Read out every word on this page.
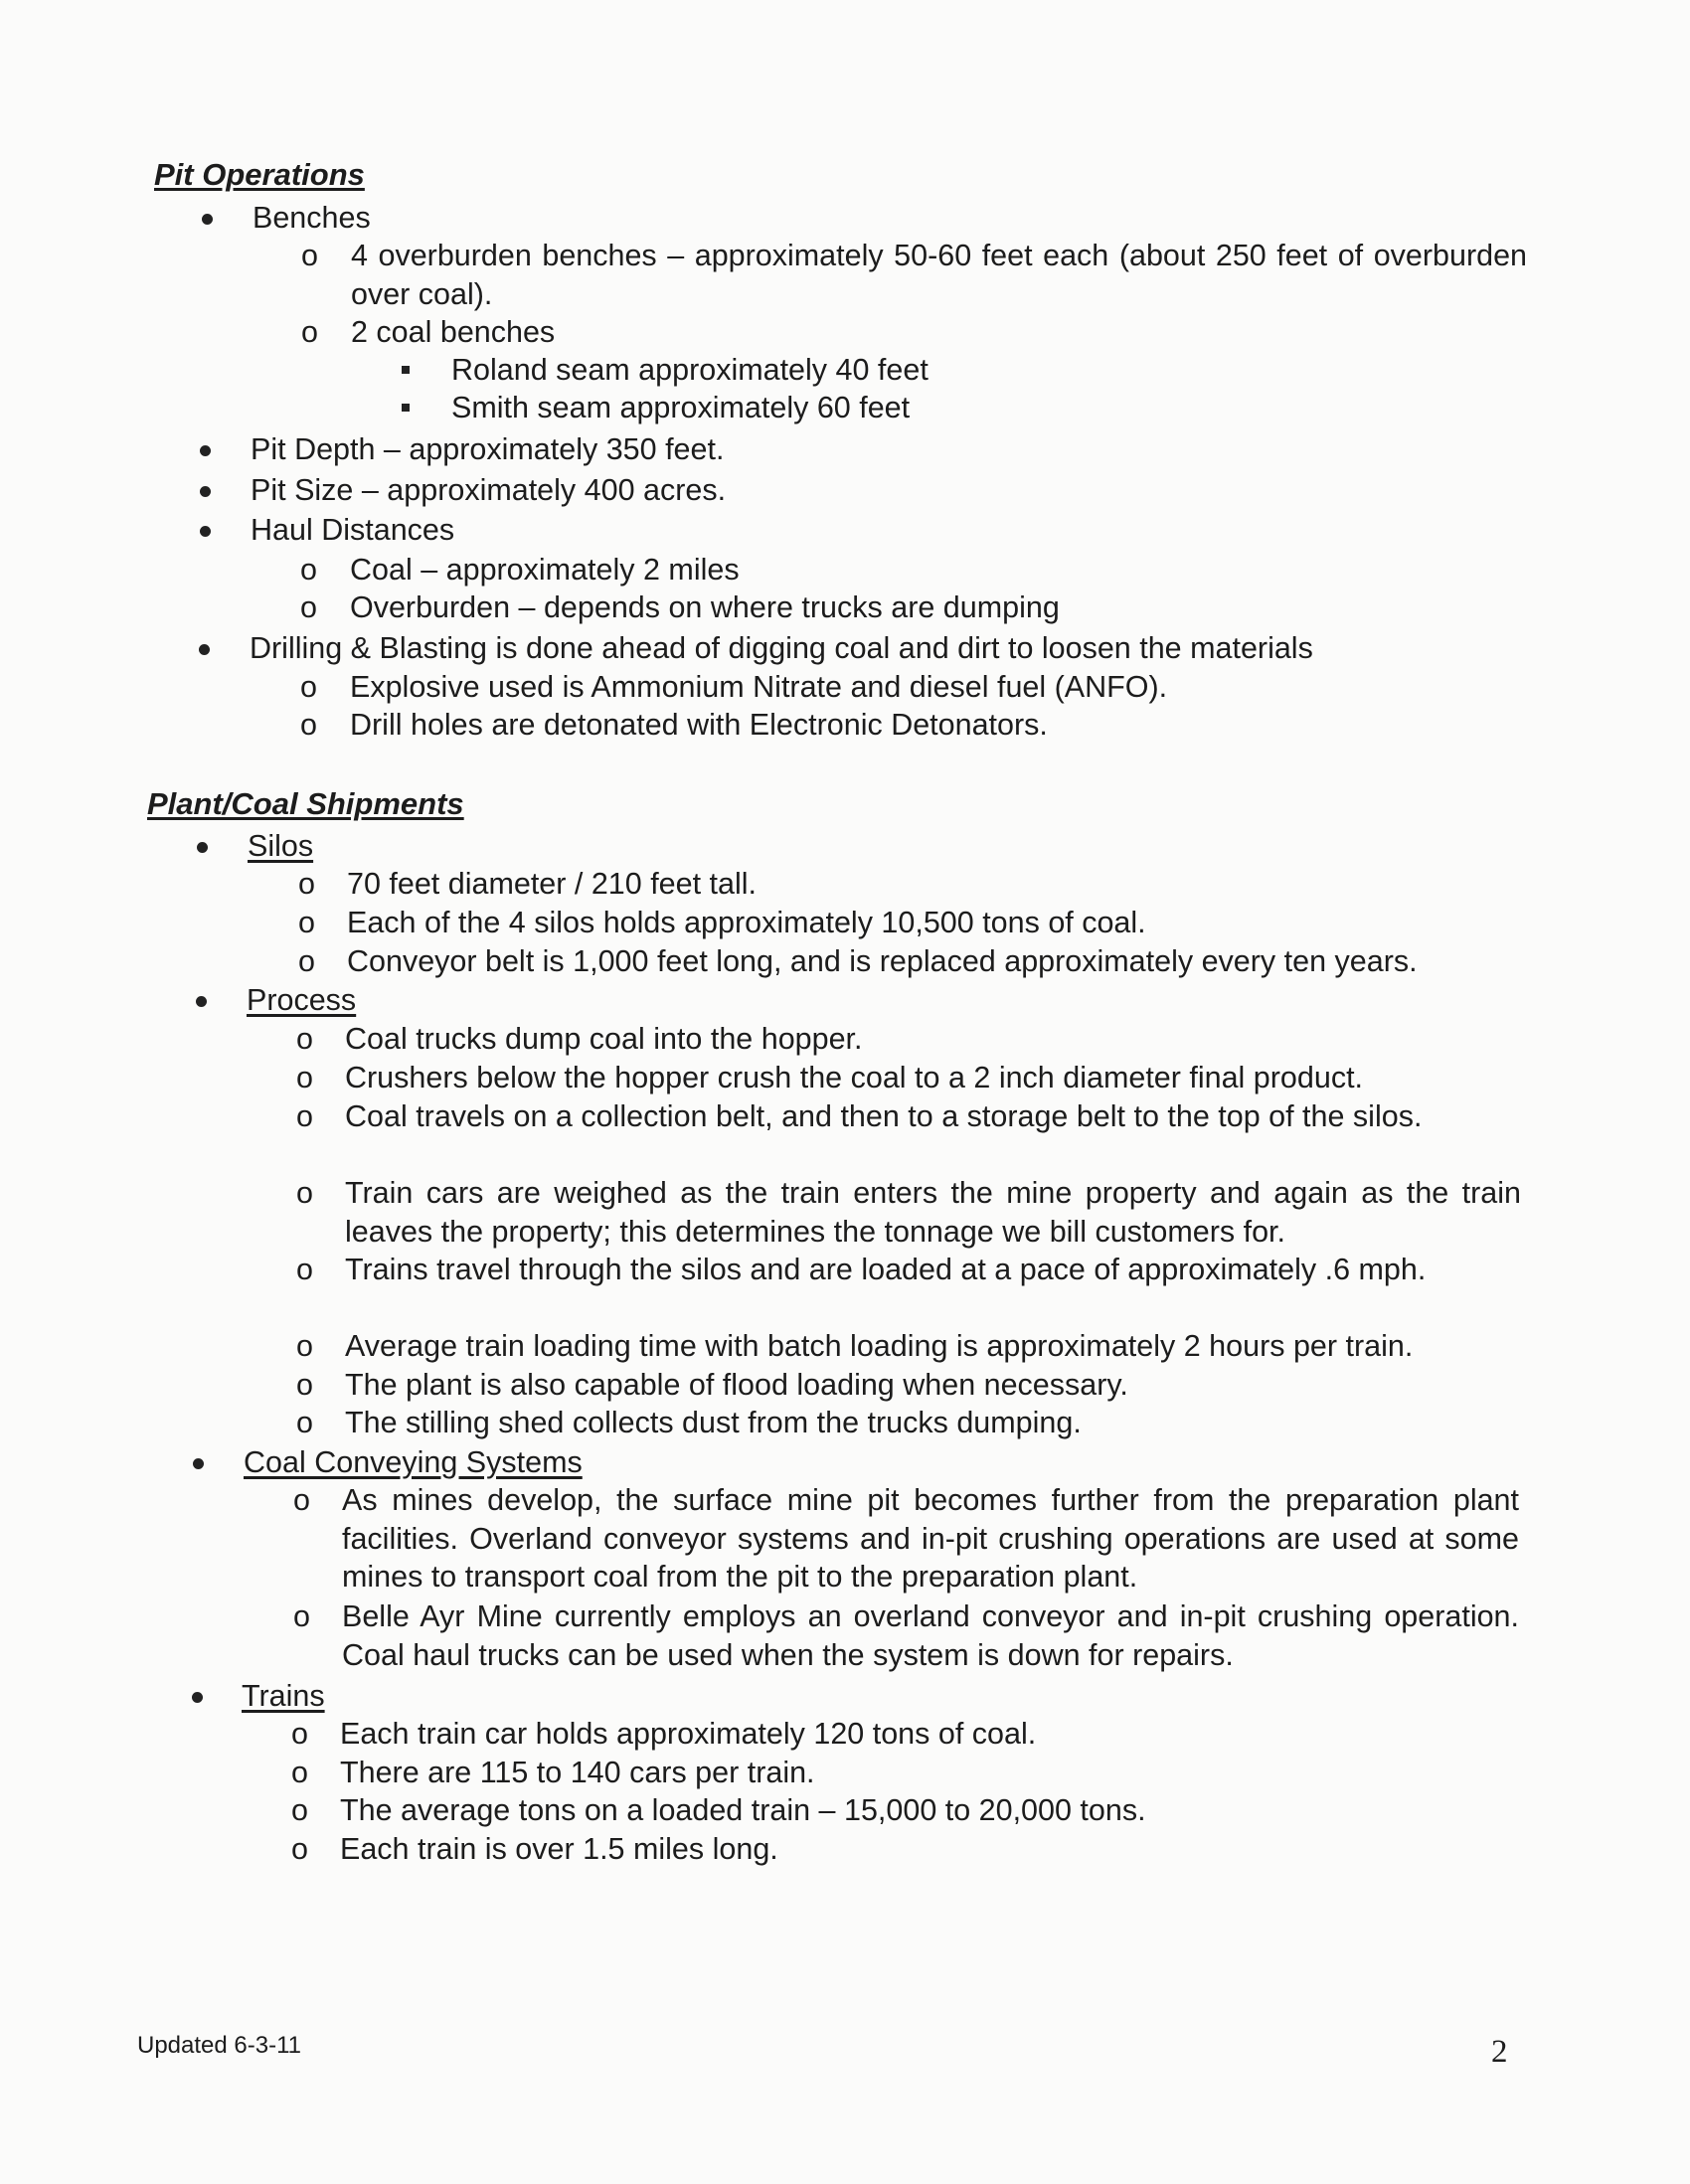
Pit Operations
Benches
o	4 overburden benches – approximately 50-60 feet each (about 250 feet of overburden over coal).
o	2 coal benches
Roland seam approximately 40 feet
Smith seam approximately 60 feet
Pit Depth – approximately 350 feet.
Pit Size – approximately 400 acres.
Haul Distances
o	Coal – approximately 2 miles
o	Overburden – depends on where trucks are dumping
Drilling & Blasting is done ahead of digging coal and dirt to loosen the materials
o	Explosive used is Ammonium Nitrate and diesel fuel (ANFO).
o	Drill holes are detonated with Electronic Detonators.
Plant/Coal Shipments
Silos
o	70 feet diameter / 210 feet tall.
o	Each of the 4 silos holds approximately 10,500 tons of coal.
o	Conveyor belt is 1,000 feet long, and is replaced approximately every ten years.
Process
o	Coal trucks dump coal into the hopper.
o	Crushers below the hopper crush the coal to a 2 inch diameter final product.
o	Coal travels on a collection belt, and then to a storage belt to the top of the silos.
o	Train cars are weighed as the train enters the mine property and again as the train leaves the property; this determines the tonnage we bill customers for.
o	Trains travel through the silos and are loaded at a pace of approximately .6 mph.
o	Average train loading time with batch loading is approximately 2 hours per train.
o	The plant is also capable of flood loading when necessary.
o	The stilling shed collects dust from the trucks dumping.
Coal Conveying Systems
o	As mines develop, the surface mine pit becomes further from the preparation plant facilities. Overland conveyor systems and in-pit crushing operations are used at some mines to transport coal from the pit to the preparation plant.
o	Belle Ayr Mine currently employs an overland conveyor and in-pit crushing operation. Coal haul trucks can be used when the system is down for repairs.
Trains
o	Each train car holds approximately 120 tons of coal.
o	There are 115 to 140 cars per train.
o	The average tons on a loaded train – 15,000 to 20,000 tons.
o	Each train is over 1.5 miles long.
Updated 6-3-11	2
